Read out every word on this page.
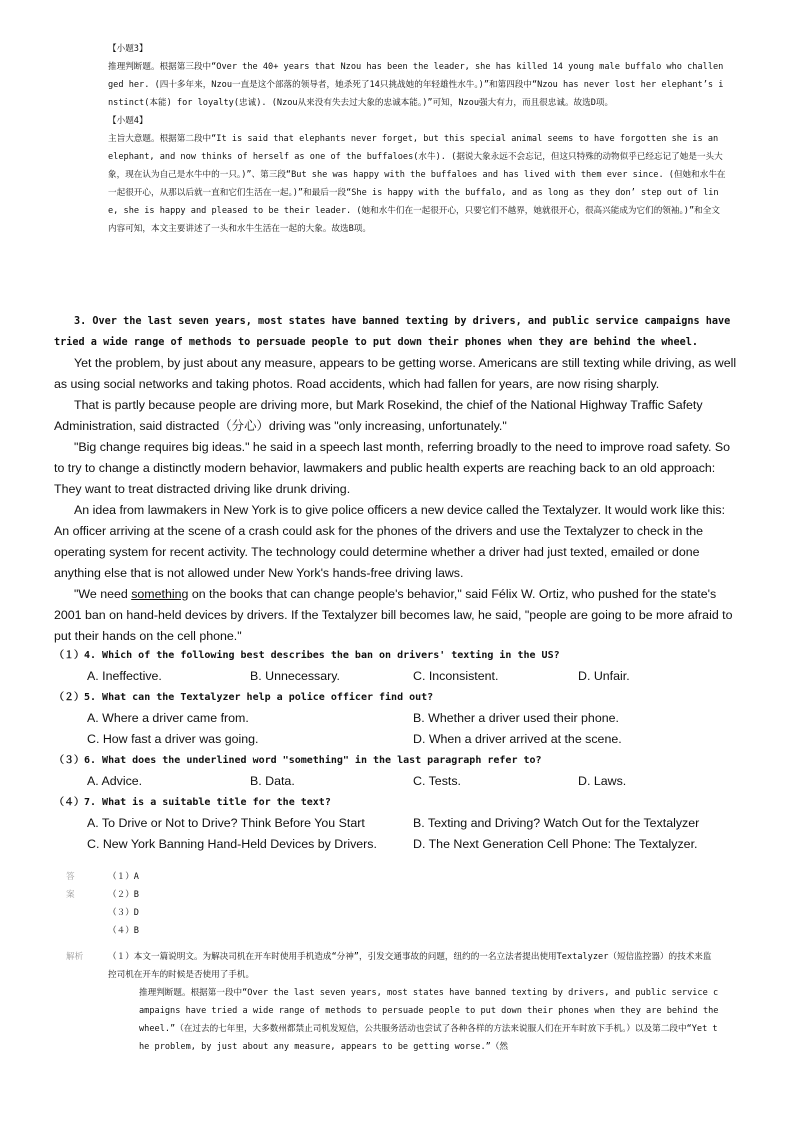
【小题3】

推理判断题。根据第三段中“Over the 40+ years that Nzou has been the leader, she has killed 14 young male buffalo who challenged her. (四十多年来，Nzou一直是这个部落的领导者，她杀死了14只挑战她的年轻雄性水牛。)”和第四段中“Nzou has never lost her elephant’s instinct(本能) for loyalty(忠诚). (Nzou从来没有失去过大象的忠诚本能。)”可知，Nzou强大有力，而且很忠诚。故选D项。

【小题4】

主旨大意题。根据第二段中“It is said that elephants never forget, but this special animal seems to have forgotten she is an elephant, and now thinks of herself as one of the buffaloes(水牛). (据说大象永远不会忘记，但这只特殊的动物似乎已经忘记了她是一头大象，现在认为自己是水牛中的一只。)”、第三段“But she was happy with the buffaloes and has lived with them ever since. (但她和水牛在一起很开心，从那以后就一直和它们生活在一起。)”和最后一段“She is happy with the buffalo, and as long as they don’ step out of line, she is happy and pleased to be their leader. (她和水牛们在一起很开心，只要它们不越界，她就很开心，很高兴能成为它们的领袖。)”和全文内容可知，本文主要讲述了一头和水牛生活在一起的大象。故选B项。

3. Over the last seven years, most states have banned texting by drivers, and public service campaigns have tried a wide range of methods to persuade people to put down their phones when they are behind the wheel.

Yet the problem, by just about any measure, appears to be getting worse. Americans are still texting while driving, as well as using social networks and taking photos. Road accidents, which had fallen for years, are now rising sharply.

That is partly because people are driving more, but Mark Rosekind, the chief of the National Highway Traffic Safety Administration, said distracted（分心）driving was "only increasing, unfortunately."

"Big change requires big ideas." he said in a speech last month, referring broadly to the need to improve road safety. So to try to change a distinctly modern behavior, lawmakers and public health experts are reaching back to an old approach: They want to treat distracted driving like drunk driving.

An idea from lawmakers in New York is to give police officers a new device called the Textalyzer. It would work like this: An officer arriving at the scene of a crash could ask for the phones of the drivers and use the Textalyzer to check in the operating system for recent activity. The technology could determine whether a driver had just texted, emailed or done anything else that is not allowed under New York's hands-free driving laws.

"We need something on the books that can change people's behavior," said Félix W. Ortiz, who pushed for the state's 2001 ban on hand-held devices by drivers. If the Textalyzer bill becomes law, he said, "people are going to be more afraid to put their hands on the cell phone."

（１）4. Which of the following best describes the ban on drivers' texting in the US?
A. Ineffective.	B. Unnecessary.	C. Inconsistent.	D. Unfair.
（２）5. What can the Textalyzer help a police officer find out?
A. Where a driver came from.	B. Whether a driver used their phone.
C. How fast a driver was going.	D. When a driver arrived at the scene.
（３）6. What does the underlined word "something" in the last paragraph refer to?
A. Advice.	B. Data.	C. Tests.	D. Laws.
（４）7. What is a suitable title for the text?
A. To Drive or Not to Drive? Think Before You Start	B. Texting and Driving? Watch Out for the Textalyzer
C. New York Banning Hand-Held Devices by Drivers.	D. The Next Generation Cell Phone: The Textalyzer.
答案
（１）A
（２）B
（３）D
（４）B
解析	（１）本文一篇说明文。为解决司机在开车时使用手机造成“分神”，引发交通事故的问题，纽约的一名立法者提出使用Textalyzer（短信监控器）的技术来监控司机在开车的时候是否使用了手机。

推理判断题。根据第一段中“Over the last seven years, most states have banned texting by drivers, and public service campaigns have tried a wide range of methods to persuade people to put down their phones when they are behind the wheel.”（在过去的七年里，大多数州都禁止司机发短信，公共服务活动也尝试了各种各样的方法来说服人们在开车时放下手机。）以及第二段中“Yet the problem, by just about any measure, appears to be getting worse.”（然
